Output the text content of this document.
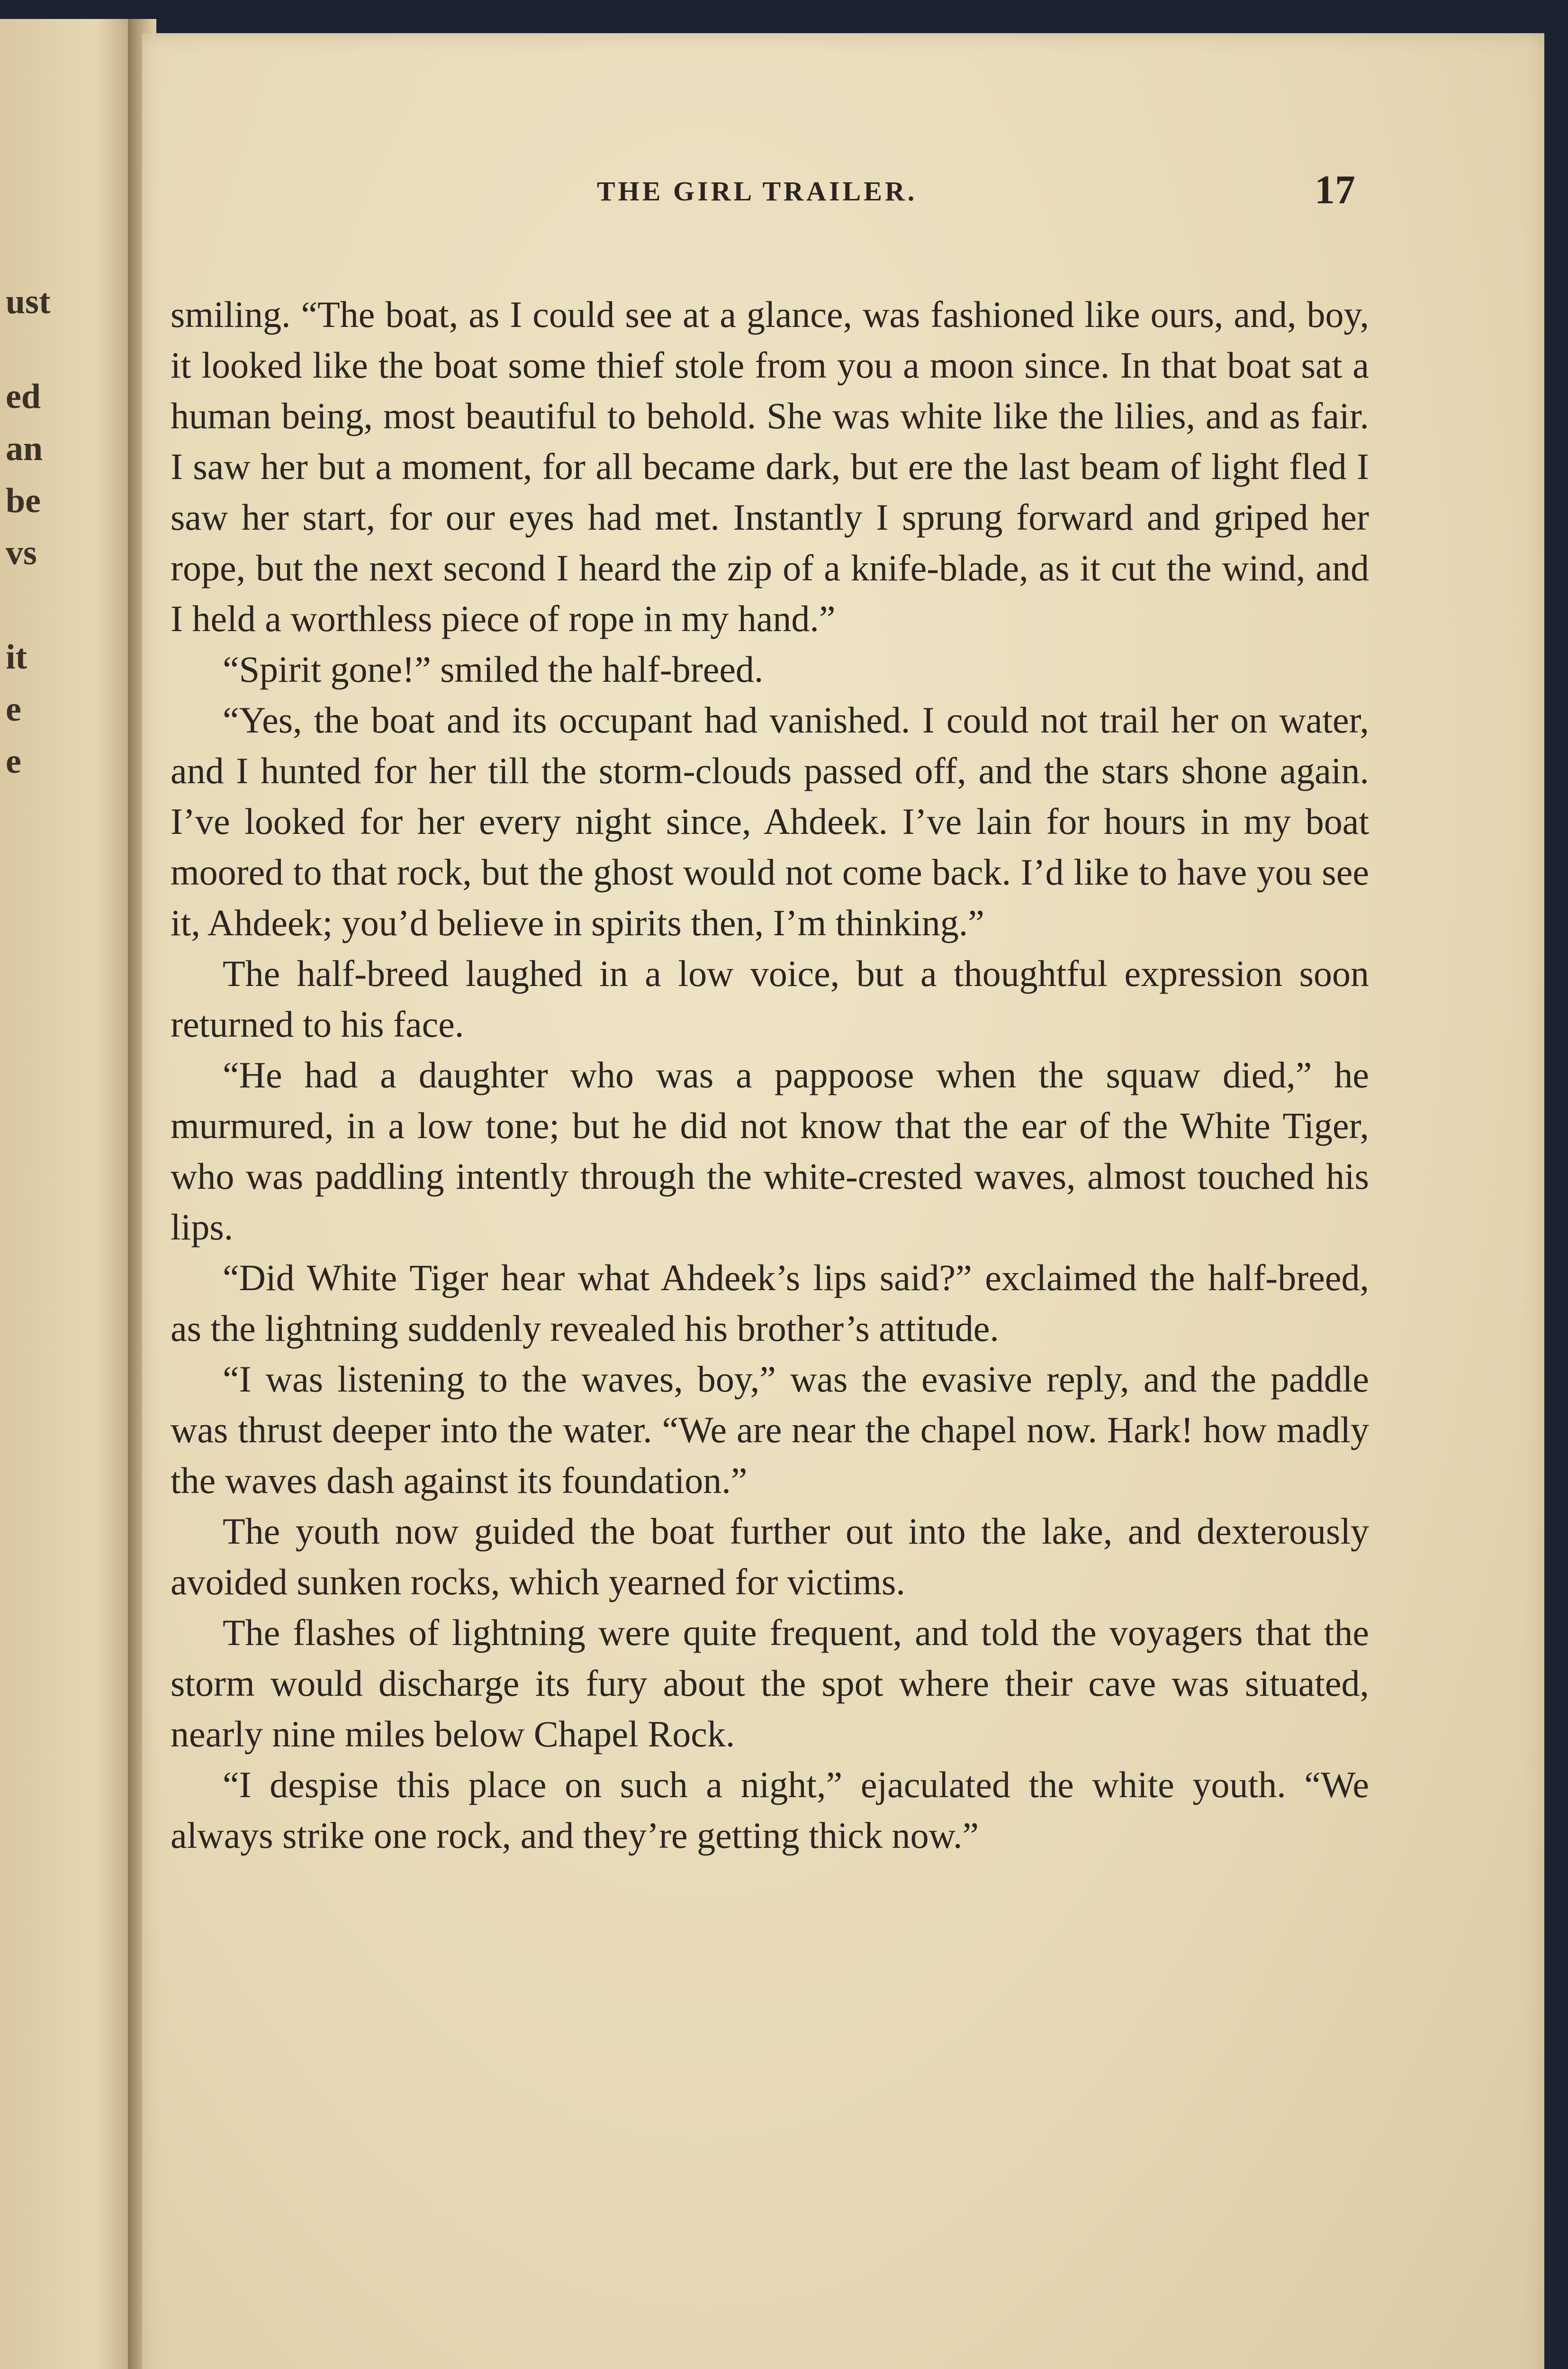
ust
ed
an
be
vs
it
e
e
THE GIRL TRAILER.	17

smiling. “The boat, as I could see at a glance, was fashioned like ours, and, boy, it looked like the boat some thief stole from you a moon since. In that boat sat a human being, most beautiful to behold. She was white like the lilies, and as fair. I saw her but a moment, for all became dark, but ere the last beam of light fled I saw her start, for our eyes had met. Instantly I sprung forward and griped her rope, but the next second I heard the zip of a knife-blade, as it cut the wind, and I held a worthless piece of rope in my hand.”

“Spirit gone!” smiled the half-breed.

“Yes, the boat and its occupant had vanished. I could not trail her on water, and I hunted for her till the storm-clouds passed off, and the stars shone again. I’ve looked for her every night since, Ahdeek. I’ve lain for hours in my boat moored to that rock, but the ghost would not come back. I’d like to have you see it, Ahdeek; you’d believe in spirits then, I’m thinking.”

The half-breed laughed in a low voice, but a thoughtful expression soon returned to his face.

“He had a daughter who was a pappoose when the squaw died,” he murmured, in a low tone; but he did not know that the ear of the White Tiger, who was paddling intently through the white-crested waves, almost touched his lips.

“Did White Tiger hear what Ahdeek’s lips said?” exclaimed the half-breed, as the lightning suddenly revealed his brother’s attitude.

“I was listening to the waves, boy,” was the evasive reply, and the paddle was thrust deeper into the water. “We are near the chapel now. Hark! how madly the waves dash against its foundation.”

The youth now guided the boat further out into the lake, and dexterously avoided sunken rocks, which yearned for victims.

The flashes of lightning were quite frequent, and told the voyagers that the storm would discharge its fury about the spot where their cave was situated, nearly nine miles below Chapel Rock.

“I despise this place on such a night,” ejaculated the white youth. “We always strike one rock, and they’re getting thick now.”
